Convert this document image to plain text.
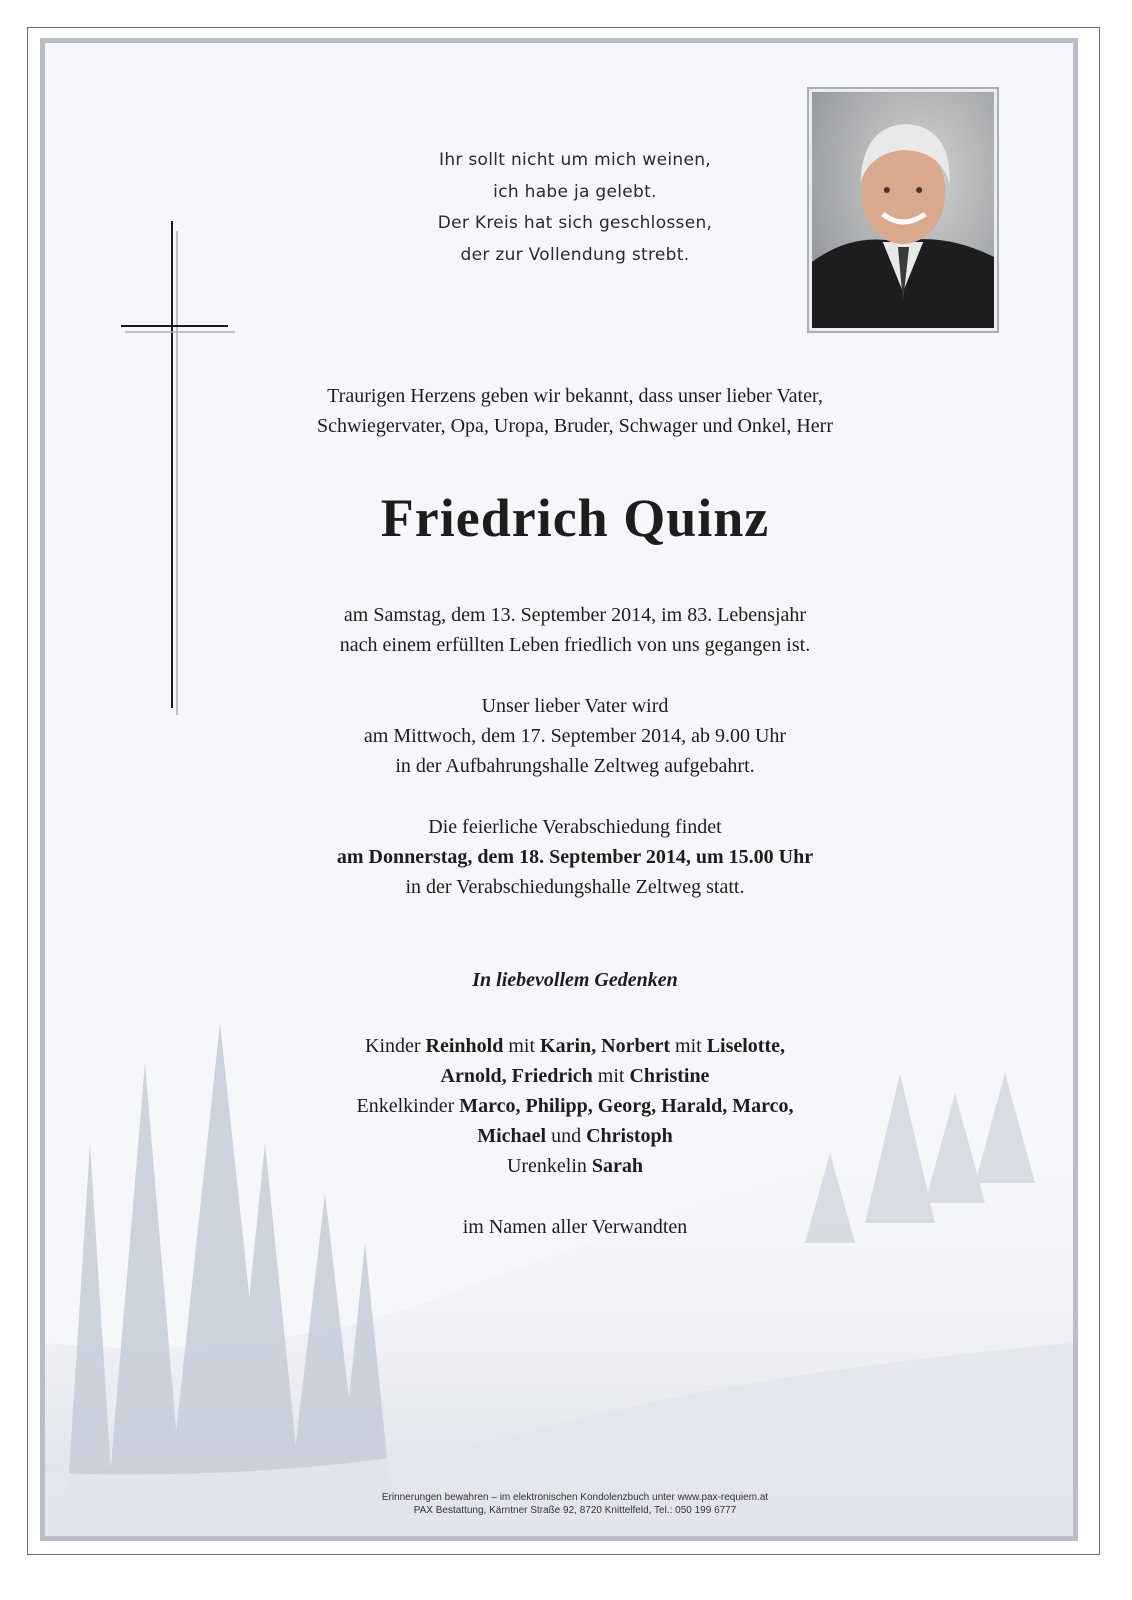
Ihr sollt nicht um mich weinen,
ich habe ja gelebt.
Der Kreis hat sich geschlossen,
der zur Vollendung strebt.
Traurigen Herzens geben wir bekannt, dass unser lieber Vater,
Schwiegervater, Opa, Uropa, Bruder, Schwager und Onkel, Herr
Friedrich Quinz
am Samstag, dem 13. September 2014, im 83. Lebensjahr
nach einem erfüllten Leben friedlich von uns gegangen ist.
Unser lieber Vater wird
am Mittwoch, dem 17. September 2014, ab 9.00 Uhr
in der Aufbahrungshalle Zeltweg aufgebahrt.
Die feierliche Verabschiedung findet
am Donnerstag, dem 18. September 2014, um 15.00 Uhr
in der Verabschiedungshalle Zeltweg statt.
In liebevollem Gedenken
Kinder Reinhold mit Karin, Norbert mit Liselotte,
Arnold, Friedrich mit Christine
Enkelkinder Marco, Philipp, Georg, Harald, Marco,
Michael und Christoph
Urenkelin Sarah
im Namen aller Verwandten
Erinnerungen bewahren – im elektronischen Kondolenzbuch unter www.pax-requiem.at
PAX Bestattung, Kärntner Straße 92, 8720 Knittelfeld, Tel.: 050 199 6777
